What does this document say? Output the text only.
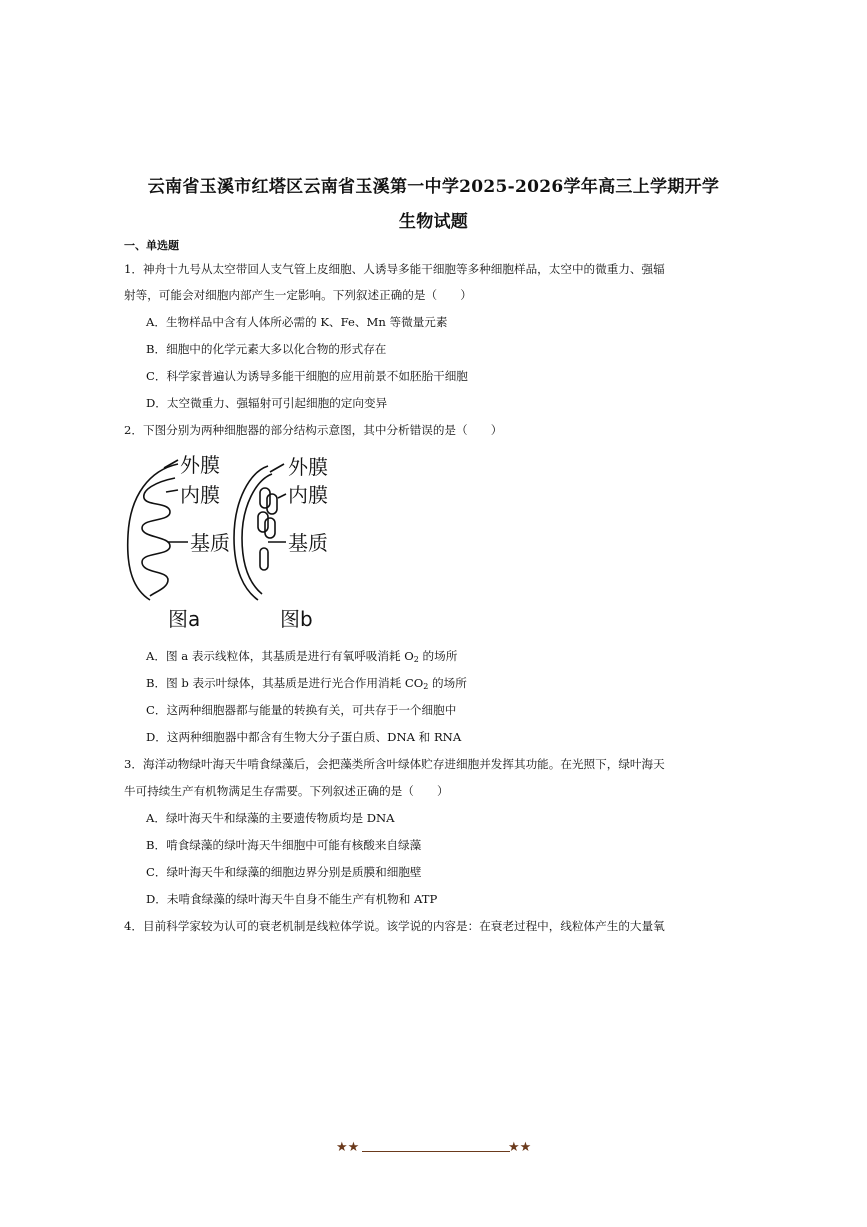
云南省玉溪市红塔区云南省玉溪第一中学2025-2026学年高三上学期开学
生物试题
一、单选题
1．神舟十九号从太空带回人支气管上皮细胞、人诱导多能干细胞等多种细胞样品，太空中的微重力、强辐
射等，可能会对细胞内部产生一定影响。下列叙述正确的是（　　）
A．生物样品中含有人体所必需的 K、Fe、Mn 等微量元素
B．细胞中的化学元素大多以化合物的形式存在
C．科学家普遍认为诱导多能干细胞的应用前景不如胚胎干细胞
D．太空微重力、强辐射可引起细胞的定向变异
2．下图分别为两种细胞器的部分结构示意图，其中分析错误的是（　　）
外膜
内膜
基质
外膜
内膜
基质
图a	图b
A．图 a 表示线粒体，其基质是进行有氧呼吸消耗 $O_2$ 的场所
B．图 b 表示叶绿体，其基质是进行光合作用消耗 $CO_2$ 的场所
C．这两种细胞器都与能量的转换有关，可共存于一个细胞中
D．这两种细胞器中都含有生物大分子蛋白质、DNA 和 RNA
3．海洋动物绿叶海天牛啃食绿藻后，会把藻类所含叶绿体贮存进细胞并发挥其功能。在光照下，绿叶海天
牛可持续生产有机物满足生存需要。下列叙述正确的是（　　）
A．绿叶海天牛和绿藻的主要遗传物质均是 DNA
B．啃食绿藻的绿叶海天牛细胞中可能有核酸来自绿藻
C．绿叶海天牛和绿藻的细胞边界分别是质膜和细胞壁
D．未啃食绿藻的绿叶海天牛自身不能生产有机物和 ATP
4．目前科学家较为认可的衰老机制是线粒体学说。该学说的内容是：在衰老过程中，线粒体产生的大量氧
★★	★★
